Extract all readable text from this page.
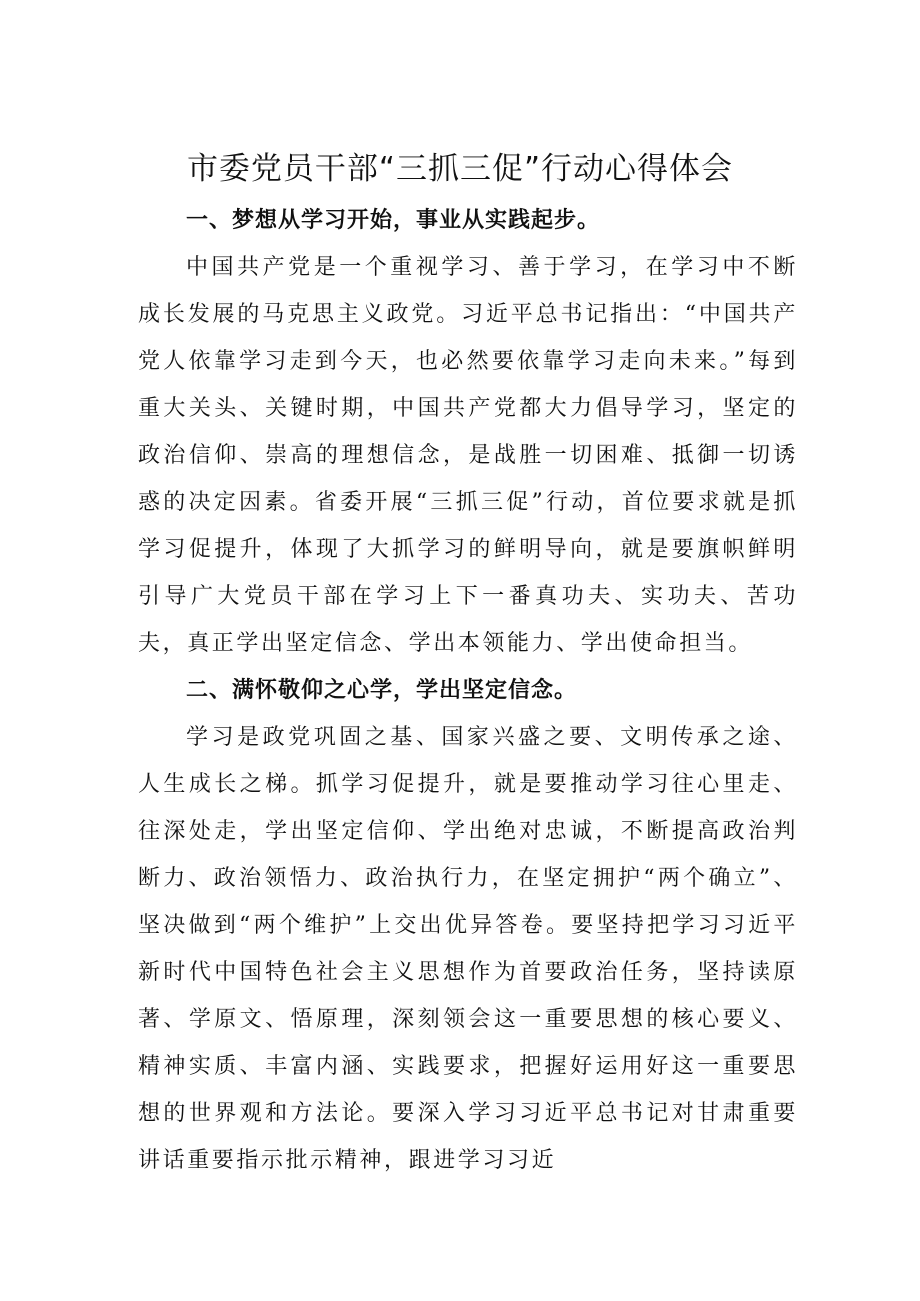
市委党员干部“三抓三促”行动心得体会

一、梦想从学习开始，事业从实践起步。

中国共产党是一个重视学习、善于学习，在学习中不断成长发展的马克思主义政党。习近平总书记指出：“中国共产党人依靠学习走到今天，也必然要依靠学习走向未来。”每到重大关头、关键时期，中国共产党都大力倡导学习，坚定的政治信仰、崇高的理想信念，是战胜一切困难、抵御一切诱惑的决定因素。省委开展“三抓三促”行动，首位要求就是抓学习促提升，体现了大抓学习的鲜明导向，就是要旗帜鲜明引导广大党员干部在学习上下一番真功夫、实功夫、苦功夫，真正学出坚定信念、学出本领能力、学出使命担当。

二、满怀敬仰之心学，学出坚定信念。

学习是政党巩固之基、国家兴盛之要、文明传承之途、人生成长之梯。抓学习促提升，就是要推动学习往心里走、往深处走，学出坚定信仰、学出绝对忠诚，不断提高政治判断力、政治领悟力、政治执行力，在坚定拥护“两个确立”、坚决做到“两个维护”上交出优异答卷。要坚持把学习习近平新时代中国特色社会主义思想作为首要政治任务，坚持读原著、学原文、悟原理，深刻领会这一重要思想的核心要义、精神实质、丰富内涵、实践要求，把握好运用好这一重要思想的世界观和方法论。要深入学习习近平总书记对甘肃重要讲话重要指示批示精神，跟进学习习近
